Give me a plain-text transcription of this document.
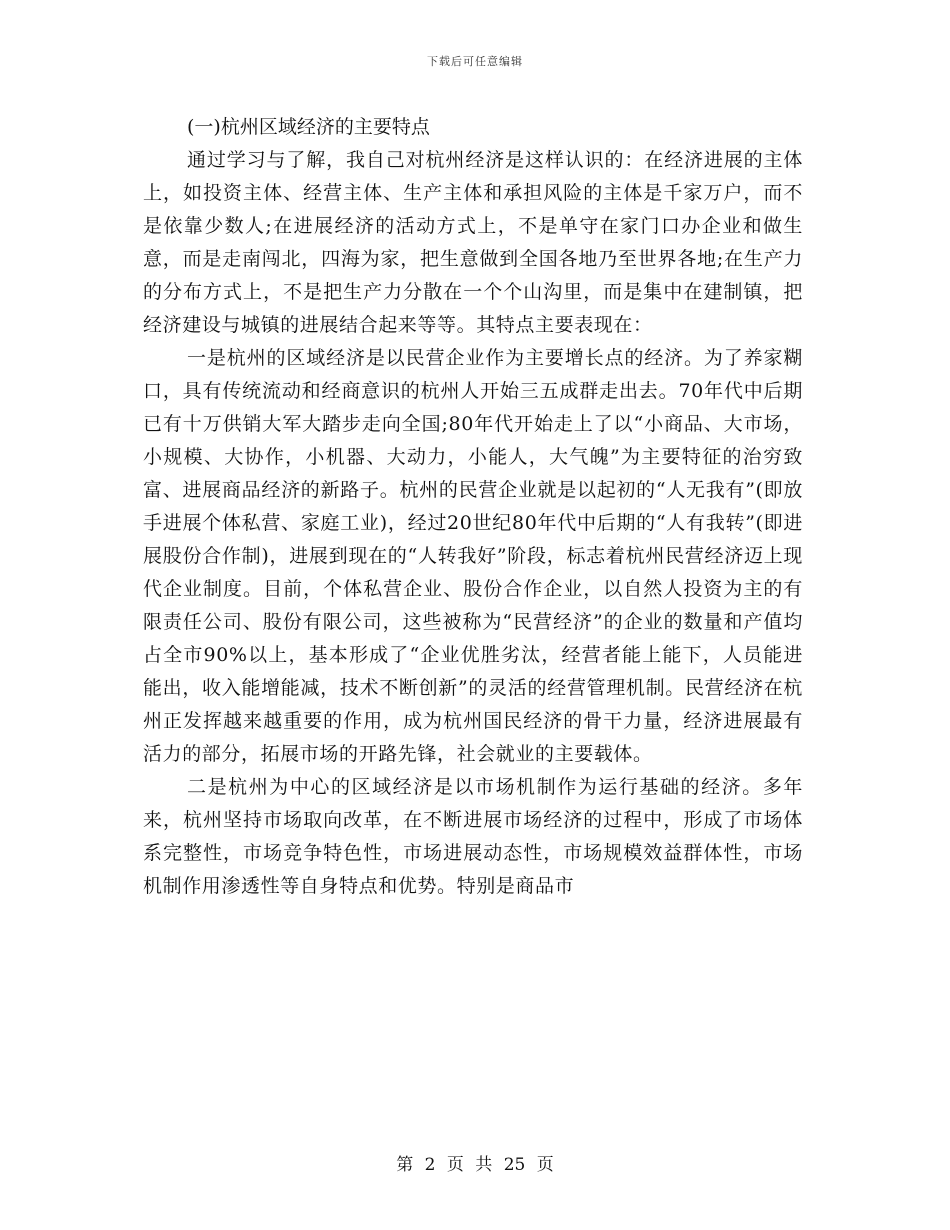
下载后可任意编辑

(一)杭州区域经济的主要特点

通过学习与了解，我自己对杭州经济是这样认识的：在经济进展的主体上，如投资主体、经营主体、生产主体和承担风险的主体是千家万户，而不是依靠少数人;在进展经济的活动方式上，不是单守在家门口办企业和做生意，而是走南闯北，四海为家，把生意做到全国各地乃至世界各地;在生产力的分布方式上，不是把生产力分散在一个个山沟里，而是集中在建制镇，把经济建设与城镇的进展结合起来等等。其特点主要表现在：

一是杭州的区域经济是以民营企业作为主要增长点的经济。为了养家糊口，具有传统流动和经商意识的杭州人开始三五成群走出去。70年代中后期已有十万供销大军大踏步走向全国;80年代开始走上了以“小商品、大市场，小规模、大协作，小机器、大动力，小能人，大气魄”为主要特征的治穷致富、进展商品经济的新路子。杭州的民营企业就是以起初的“人无我有”(即放手进展个体私营、家庭工业)，经过20世纪80年代中后期的“人有我转”(即进展股份合作制)，进展到现在的“人转我好”阶段，标志着杭州民营经济迈上现代企业制度。目前，个体私营企业、股份合作企业，以自然人投资为主的有限责任公司、股份有限公司，这些被称为“民营经济”的企业的数量和产值均占全市90%以上，基本形成了“企业优胜劣汰，经营者能上能下，人员能进能出，收入能增能减，技术不断创新”的灵活的经营管理机制。民营经济在杭州正发挥越来越重要的作用，成为杭州国民经济的骨干力量，经济进展最有活力的部分，拓展市场的开路先锋，社会就业的主要载体。

二是杭州为中心的区域经济是以市场机制作为运行基础的经济。多年来，杭州坚持市场取向改革，在不断进展市场经济的过程中，形成了市场体系完整性，市场竞争特色性，市场进展动态性，市场规模效益群体性，市场机制作用渗透性等自身特点和优势。特别是商品市

第 2 页 共 25 页
